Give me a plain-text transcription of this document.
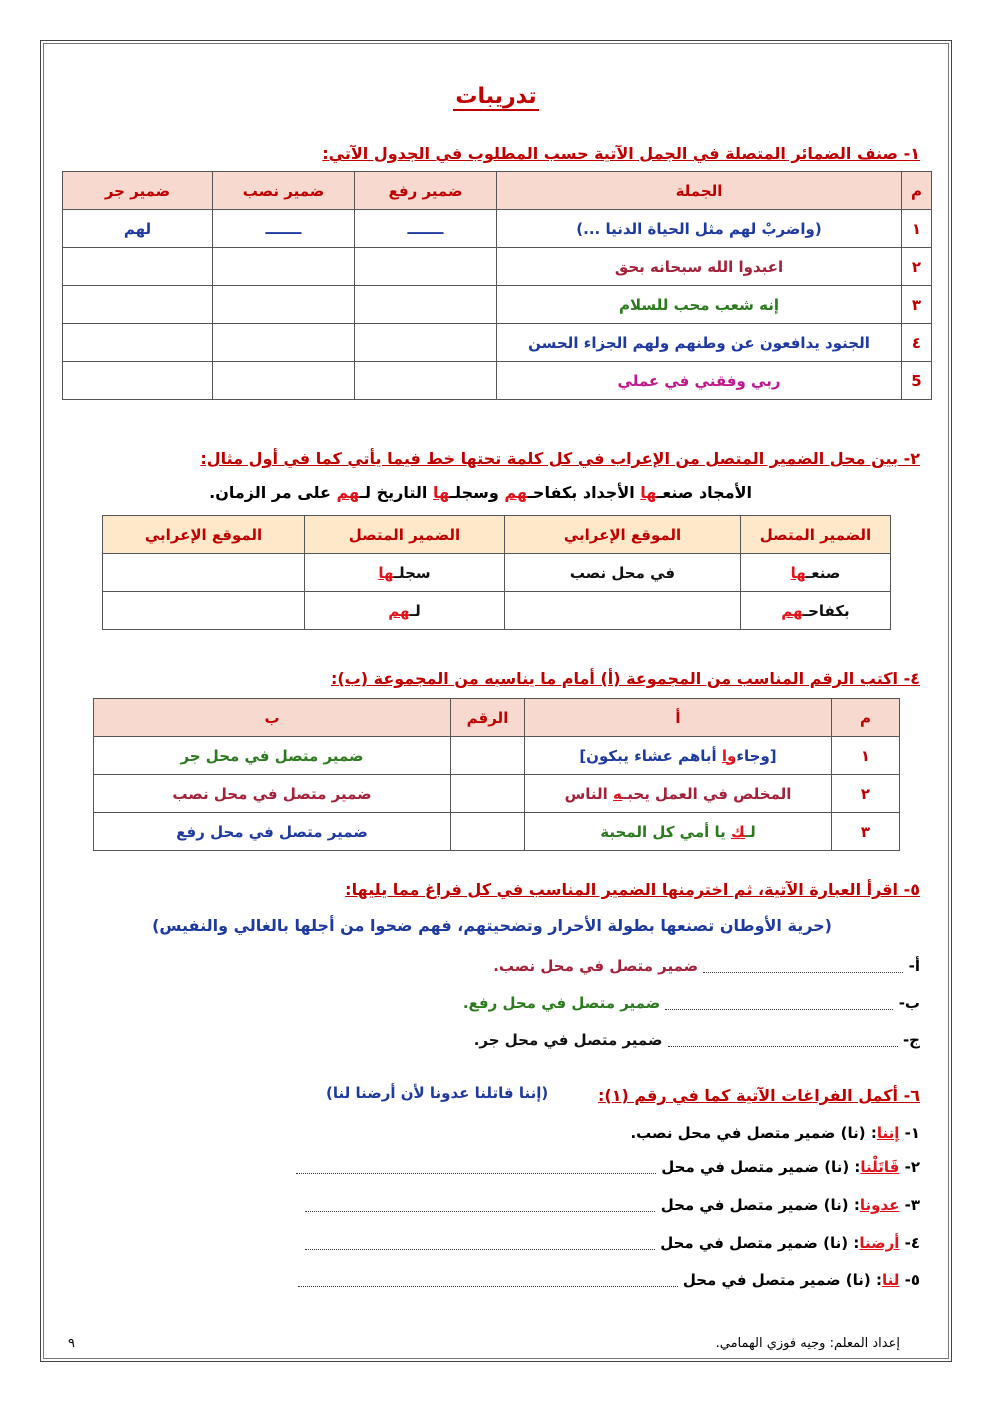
تدريبات
١- صنف الضمائر المتصلة في الجمل الآتية حسب المطلوب في الجدول الآتي:
م	الجملة	ضمير رفع	ضمير نصب	ضمير جر
١	(واضربْ لهم مثل الحياة الدنيا ...)	ـــــــ	ـــــــ	لهم
٢	اعبدوا الله سبحانه بحق			
٣	إنه شعب محب للسلام			
٤	الجنود يدافعون عن وطنهم ولهم الجزاء الحسن			
5	ربي وفقني في عملي			
٢- بين محل الضمير المتصل من الإعراب في كل كلمة تحتها خط فيما يأتي كما في أول مثال:
الأمجاد صنعـها الأجداد بكفاحـهم وسجلـها التاريخ لـهم على مر الزمان.
الضمير المتصل	الموقع الإعرابي	الضمير المتصل	الموقع الإعرابي
صنعـها	في محل نصب	سجلـها	
بكفاحـهم		لـهم	
٤- اكتب الرقم المناسب من المجموعة (أ) أمام ما يناسبه من المجموعة (ب):
م	أ	الرقم	ب
١	[وجاءوا أباهم عشاء يبكون]		ضمير متصل في محل جر
٢	المخلص في العمل يحبـه الناس		ضمير متصل في محل نصب
٣	لـك يا أمي كل المحبة		ضمير متصل في محل رفع
٥- اقرأ العبارة الآتية، ثم اخترمنها الضمير المناسب في كل فراغ مما يليها:
(حرية الأوطان تصنعها بطولة الأحرار وتضحيتهم، فهم ضحوا من أجلها بالغالي والنفيس)
أ-  ضمير متصل في محل نصب.
ب-  ضمير متصل في محل رفع.
ج-  ضمير متصل في محل جر.
٦- أكمل الفراغات الآتية كما في رقم (١):
(إننا قاتلنا عدونا لأن أرضنا لنا)
١- إننا: (نا) ضمير متصل في محل نصب.
٢- قَاتَلْنا: (نا) ضمير متصل في محل
٣- عدونا: (نا) ضمير متصل في محل
٤- أرضنا: (نا) ضمير متصل في محل
٥- لنا: (نا) ضمير متصل في محل
إعداد المعلم: وجيه فوزي الهمامي.
٩
